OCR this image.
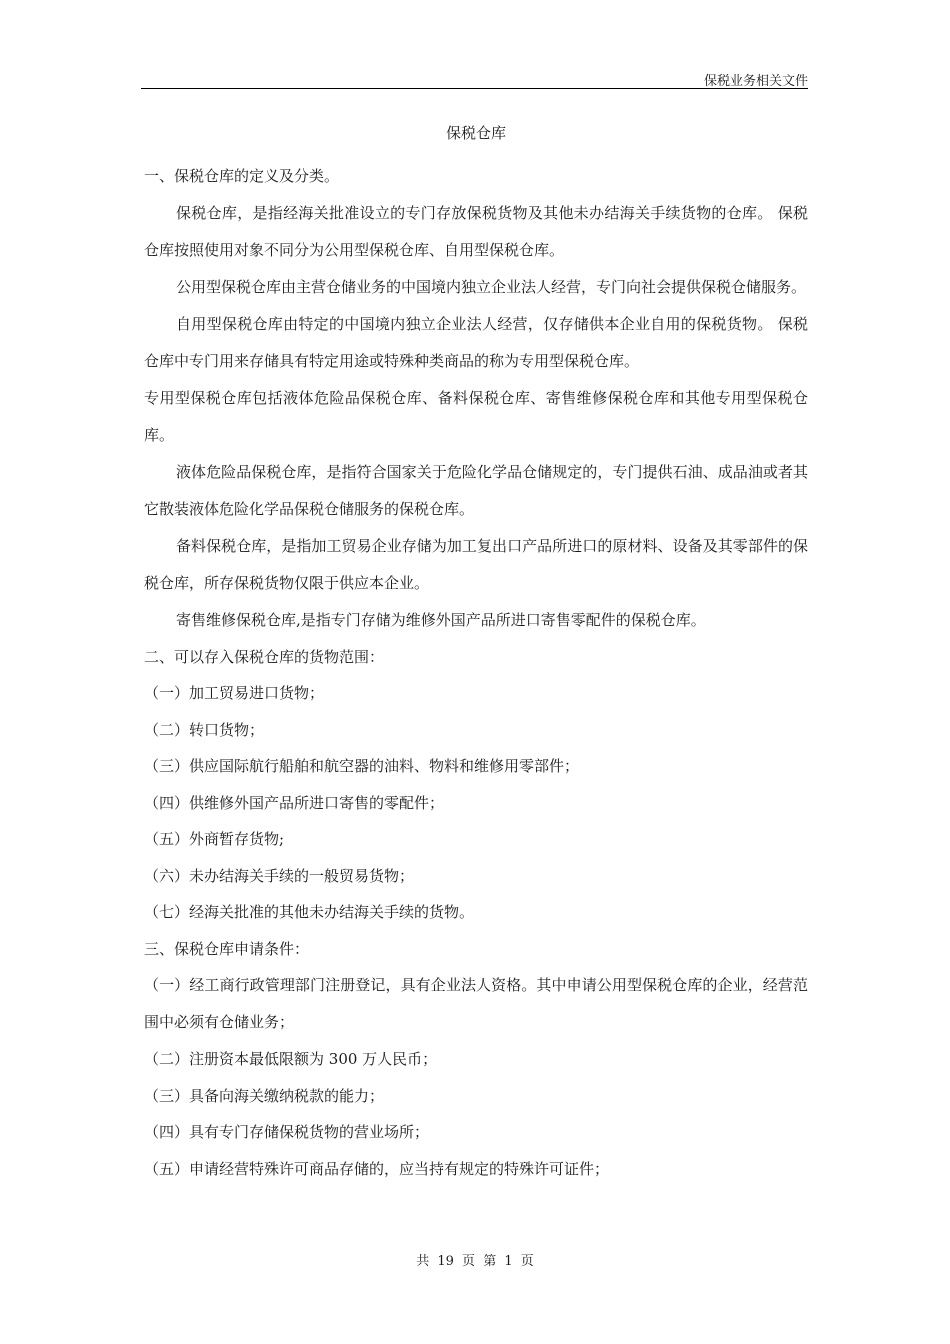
保税业务相关文件
保税仓库
一、保税仓库的定义及分类。
保税仓库，是指经海关批准设立的专门存放保税货物及其他未办结海关手续货物的仓库。 保税仓库按照使用对象不同分为公用型保税仓库、自用型保税仓库。
公用型保税仓库由主营仓储业务的中国境内独立企业法人经营，专门向社会提供保税仓储服务。
自用型保税仓库由特定的中国境内独立企业法人经营，仅存储供本企业自用的保税货物。 保税仓库中专门用来存储具有特定用途或特殊种类商品的称为专用型保税仓库。
专用型保税仓库包括液体危险品保税仓库、备料保税仓库、寄售维修保税仓库和其他专用型保税仓库。
液体危险品保税仓库，是指符合国家关于危险化学品仓储规定的，专门提供石油、成品油或者其它散装液体危险化学品保税仓储服务的保税仓库。
备料保税仓库，是指加工贸易企业存储为加工复出口产品所进口的原材料、设备及其零部件的保税仓库，所存保税货物仅限于供应本企业。
寄售维修保税仓库,是指专门存储为维修外国产品所进口寄售零配件的保税仓库。
二、可以存入保税仓库的货物范围：
（一）加工贸易进口货物；
（二）转口货物；
（三）供应国际航行船舶和航空器的油料、物料和维修用零部件；
（四）供维修外国产品所进口寄售的零配件；
（五）外商暂存货物;
（六）未办结海关手续的一般贸易货物；
（七）经海关批准的其他未办结海关手续的货物。
三、保税仓库申请条件：
（一）经工商行政管理部门注册登记，具有企业法人资格。其中申请公用型保税仓库的企业，经营范围中必须有仓储业务；
（二）注册资本最低限额为 300 万人民币；
（三）具备向海关缴纳税款的能力；
（四）具有专门存储保税货物的营业场所；
（五）申请经营特殊许可商品存储的，应当持有规定的特殊许可证件；
共 19 页 第 1 页
